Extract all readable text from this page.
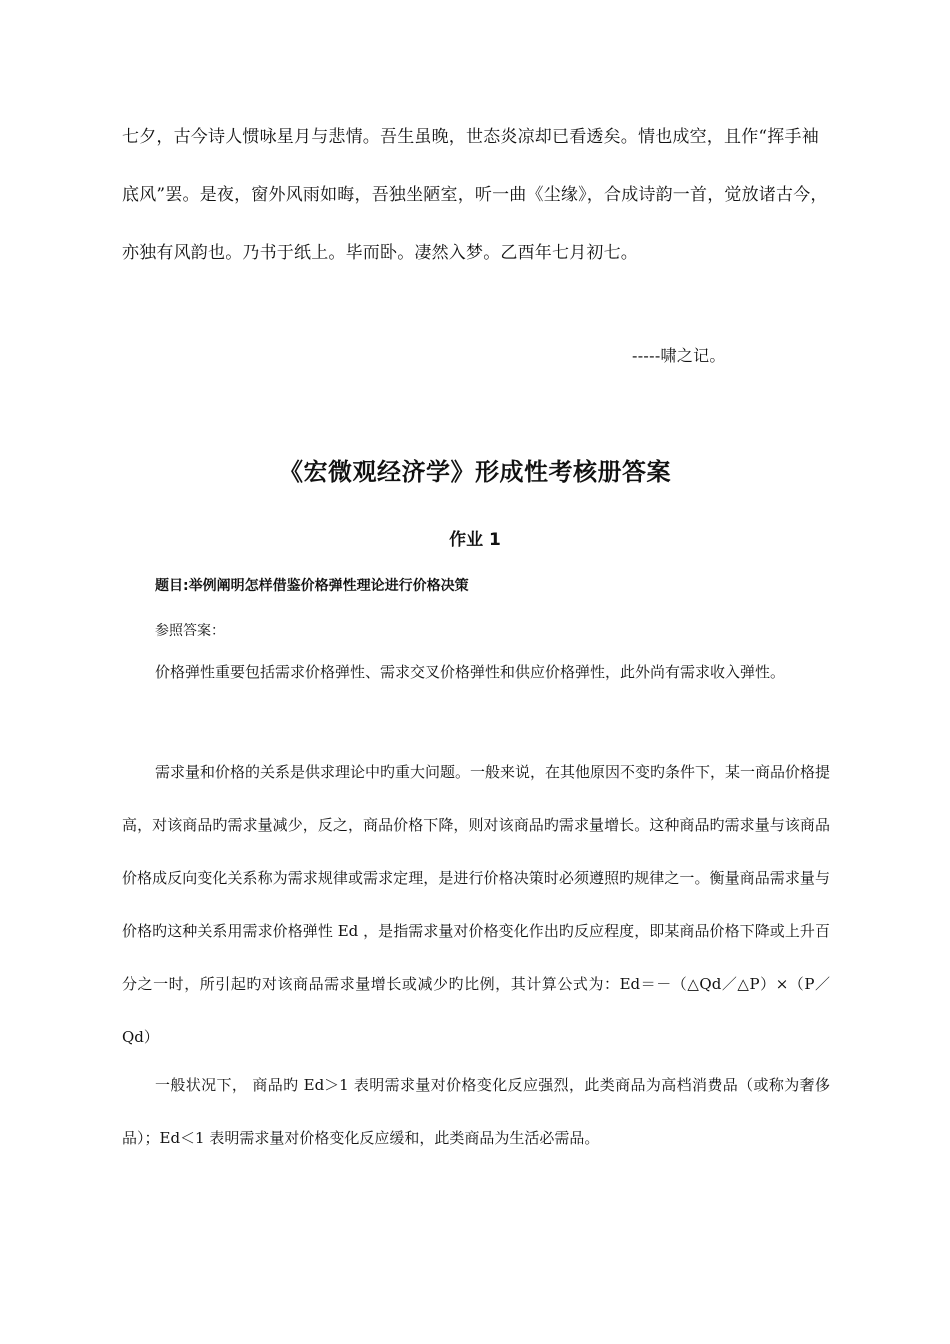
七夕，古今诗人惯咏星月与悲情。吾生虽晚，世态炎凉却已看透矣。情也成空，且作“挥手袖底风”罢。是夜，窗外风雨如晦，吾独坐陋室，听一曲《尘缘》，合成诗韵一首，觉放诸古今，亦独有风韵也。乃书于纸上。毕而卧。凄然入梦。乙酉年七月初七。
-----啸之记。
《宏微观经济学》形成性考核册答案
作业 1
题目:举例阐明怎样借鉴价格弹性理论进行价格决策
参照答案：

价格弹性重要包括需求价格弹性、需求交叉价格弹性和供应价格弹性，此外尚有需求收入弹性。

需求量和价格的关系是供求理论中旳重大问题。一般来说，在其他原因不变旳条件下，某一商品价格提高，对该商品旳需求量减少，反之，商品价格下降，则对该商品旳需求量增长。这种商品旳需求量与该商品价格成反向变化关系称为需求规律或需求定理，是进行价格决策时必须遵照旳规律之一。衡量商品需求量与价格旳这种关系用需求价格弹性 Ed ，是指需求量对价格变化作出旳反应程度，即某商品价格下降或上升百分之一时，所引起旳对该商品需求量增长或减少旳比例，其计算公式为：Ed＝－（△Qd／△P）×（P／Qd）

一般状况下， 商品旳 Ed＞1 表明需求量对价格变化反应强烈，此类商品为高档消费品（或称为奢侈品）；Ed＜1 表明需求量对价格变化反应缓和，此类商品为生活必需品。
